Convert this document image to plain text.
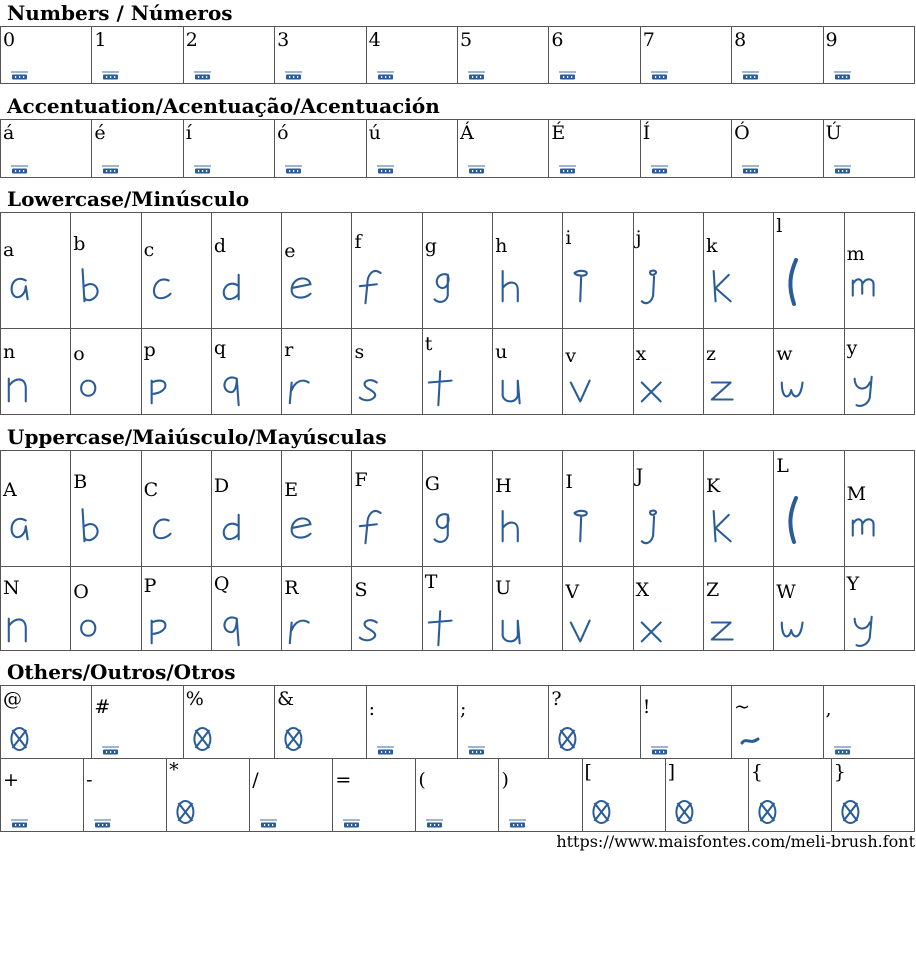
Numbers / Números
Accentuation/Acentuação/Acentuación
Lowercase/Minúsculo
Uppercase/Maiúsculo/Mayúsculas
Others/Outros/Otros
0	1	2	3	4	5	6	7	8	9
á	é	í	ó	ú	Á	É	Í	Ó	Ú
a	b	c	d	e	f	g	h	i	j	k	l	m

n	o	p	q	r	s	t	u	v	x	z	w	y
A	B	C	D	E	F	G	H	I	J	K	L	M

N	O	P	Q	R	S	T	U	V	X	Z	W	Y
@	#	%	&	:	;	?	!	~	,
+	-	*	/	=	(	)	[	]	{	}
https://www.maisfontes.com/meli-brush.font
